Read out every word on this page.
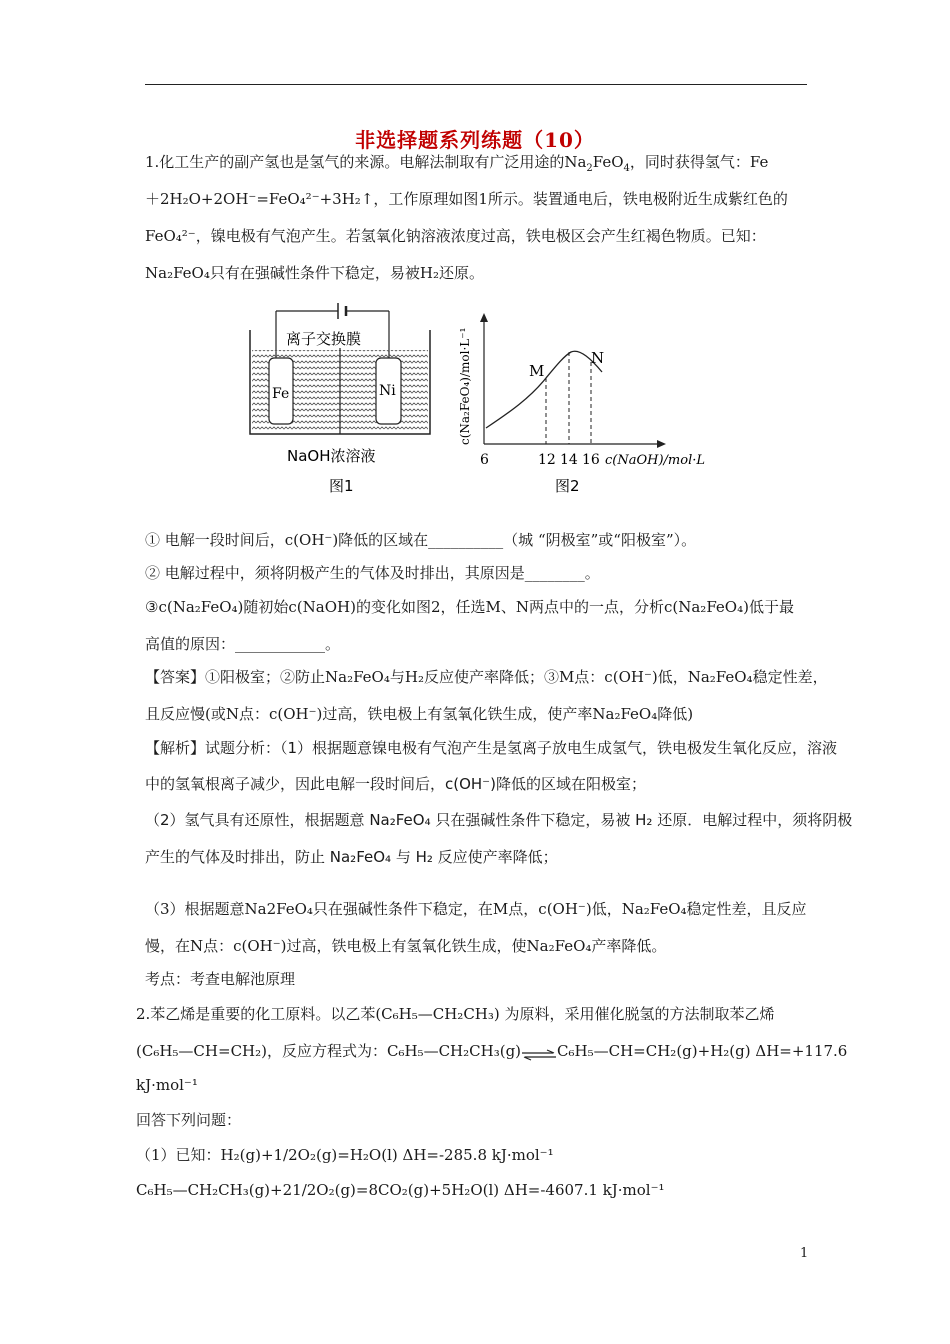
非选择题系列练题（10）
1.化工生产的副产氢也是氢气的来源。电解法制取有广泛用途的$Na_2FeO_4$，同时获得氢气：Fe
＋2H₂O+2OH⁻=FeO₄²⁻+3H₂↑，工作原理如图1所示。装置通电后，铁电极附近生成紫红色的
FeO₄²⁻，镍电极有气泡产生。若氢氧化钠溶液浓度过高，铁电极区会产生红褐色物质。已知：
Na₂FeO₄只有在强碱性条件下稳定，易被H₂还原。
离子交换膜
Fe	Ni
NaOH浓溶液
图1
M
N
6	12 14 16 c(NaOH)/mol·L
c(Na₂FeO₄)/mol·L⁻¹
图2
① 电解一段时间后，c(OH⁻)降低的区域在__________（城 “阴极室”或“阳极室”）。
② 电解过程中，须将阴极产生的气体及时排出，其原因是________。
③c(Na₂FeO₄)随初始c(NaOH)的变化如图2，任选M、N两点中的一点，分析c(Na₂FeO₄)低于最
高值的原因：____________。
【答案】①阳极室；②防止Na₂FeO₄与H₂反应使产率降低；③M点：c(OH⁻)低，Na₂FeO₄稳定性差，
且反应慢(或N点：c(OH⁻)过高，铁电极上有氢氧化铁生成，使产率Na₂FeO₄降低)
【解析】试题分析：（1）根据题意镍电极有气泡产生是氢离子放电生成氢气，铁电极发生氧化反应，溶液
中的氢氧根离子减少，因此电解一段时间后，c(OH⁻)降低的区域在阳极室；
（2）氢气具有还原性，根据题意 Na₂FeO₄ 只在强碱性条件下稳定，易被 H₂ 还原．电解过程中，须将阴极
产生的气体及时排出，防止 Na₂FeO₄ 与 H₂ 反应使产率降低；
（3）根据题意Na2FeO₄只在强碱性条件下稳定，在M点，c(OH⁻)低，Na₂FeO₄稳定性差，且反应
慢，在N点：c(OH⁻)过高，铁电极上有氢氧化铁生成，使Na₂FeO₄产率降低。
考点：考查电解池原理
2.苯乙烯是重要的化工原料。以乙苯(C₆H₅—CH₂CH₃) 为原料，采用催化脱氢的方法制取苯乙烯
(C₆H₅—CH=CH₂)，反应方程式为：C₆H₅—CH₂CH₃(g)⇌C₆H₅—CH=CH₂(g)+H₂(g) ΔH=+117.6
kJ·mol⁻¹
回答下列问题：
（1）已知：H₂(g)+1/2O₂(g)=H₂O(l) ΔH=-285.8 kJ·mol⁻¹
C₆H₅—CH₂CH₃(g)+21/2O₂(g)=8CO₂(g)+5H₂O(l) ΔH=-4607.1 kJ·mol⁻¹
1
